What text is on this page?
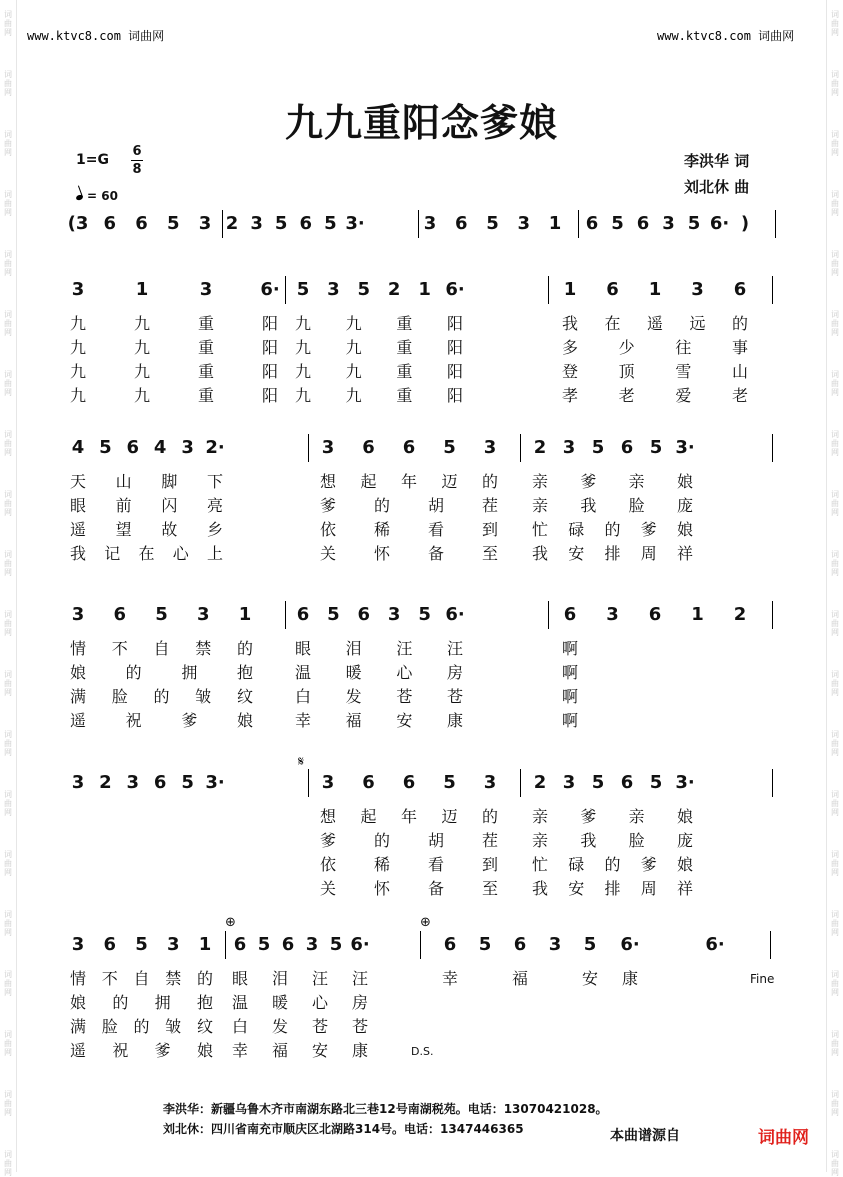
词
曲
网
词
曲
网
词
曲
网
词
曲
网
词
曲
网
词
曲
网
词
曲
网
词
曲
网
词
曲
网
词
曲
网
词
曲
网
词
曲
网
词
曲
网
词
曲
网
词
曲
网
词
曲
网
词
曲
网
词
曲
网
词
曲
网
词
曲
网
词
曲
网
词
曲
网
词
曲
网
词
曲
网
词
曲
网
词
曲
网
词
曲
网
词
曲
网
词
曲
网
词
曲
网
词
曲
网
词
曲
网
词
曲
网
词
曲
网
词
曲
网
词
曲
网
词
曲
网
词
曲
网
词
曲
网
词
曲
网
www.ktvc8.com 词曲网	www.ktvc8.com 词曲网
九九重阳念爹娘
1=G
6
8
= 60
李洪华 词
刘北休 曲
(3 6 6 5 3 2 3 5 6 5 3·	3 6 5 3 1 6 5 6 3 5 6· )
3	1	3	6· 5 3 5 2 1 6·	1 6 1 3 6
九	九	重	阳 九 九 重 阳	我 在 遥 远 的
九	九	重	阳 九 九 重 阳	多	少	往	事
九	九	重	阳 九 九 重 阳	登	顶	雪	山
九	九	重	阳 九 九 重 阳	孝	老	爱	老
4 5 6 4 3 2·	3 6 6 5 3 2 3 5 6 5 3·
天 山 脚 下	想 起 年 迈 的 亲 爹 亲 娘
眼 前 闪 亮	爹 的 胡 茬 亲 我 脸 庞
遥 望 故 乡	依 稀 看 到 忙 碌 的 爹 娘
我 记 在 心 上	关 怀 备 至 我 安 排 周 祥
3 6 5 3 1	6 5 6 3 5 6·	6 3 6 1 2
情 不 自 禁 的	眼 泪 汪 汪	啊
娘 的 拥 抱	温 暖 心 房	啊
满 脸 的 皱 纹	白 发 苍 苍	啊
遥 祝 爹 娘	幸 福 安 康	啊
3 2 3 6 5 3·	3 6 6 5 3 2 3 5 6 5 3·
想 起 年 迈 的 亲 爹 亲 娘
爹 的 胡 茬 亲 我 脸 庞
依 稀 看 到 忙 碌 的 爹 娘
关 怀 备 至 我 安 排 周 祥
3 6 5 3 1 6 5 6 3 5 6·	6 5 6 3 5 6·	6·
情 不 自 禁 的 眼 泪 汪 汪	幸	福	安 康
娘 的 拥 抱 温 暖 心 房
满 脸 的 皱 纹 白 发 苍 苍
遥 祝 爹 娘 幸 福 安 康
Fine
D.S.
𝄋
⊕	⊕
李洪华：新疆乌鲁木齐市南湖东路北三巷12号南湖税苑。电话：13070421028。
刘北休：四川省南充市顺庆区北湖路314号。电话：1347446365	本曲谱源自	词曲网
